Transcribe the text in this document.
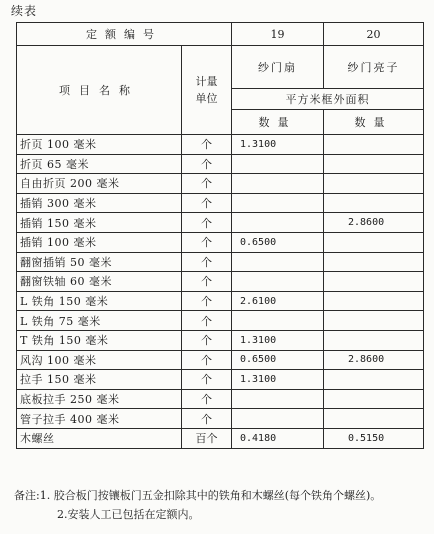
续表
定额编号		19	20
项目名称	计量单位	纱门扇	纱门亮子
		平方米框外面积	
		数量	数量
折页 100 毫米	个	1.3100	
折页 65 毫米	个		
自由折页 200 毫米	个		
插销 300 毫米	个		
插销 150 毫米	个		2.8600
插销 100 毫米	个	0.6500	
翻窗插销 50 毫米	个		
翻窗铁轴 60 毫米	个		
L 铁角 150 毫米	个	2.6100	
L 铁角 75 毫米	个		
T 铁角 150 毫米	个	1.3100	
风沟 100 毫米	个	0.6500	2.8600
拉手 150 毫米	个	1.3100	
底板拉手 250 毫米	个		
管子拉手 400 毫米	个		
木螺丝	百个	0.4180	0.5150
备注:1. 胶合板门按镶板门五金扣除其中的铁角和木螺丝(每个铁角个螺丝)。
2.安装人工已包括在定额内。
